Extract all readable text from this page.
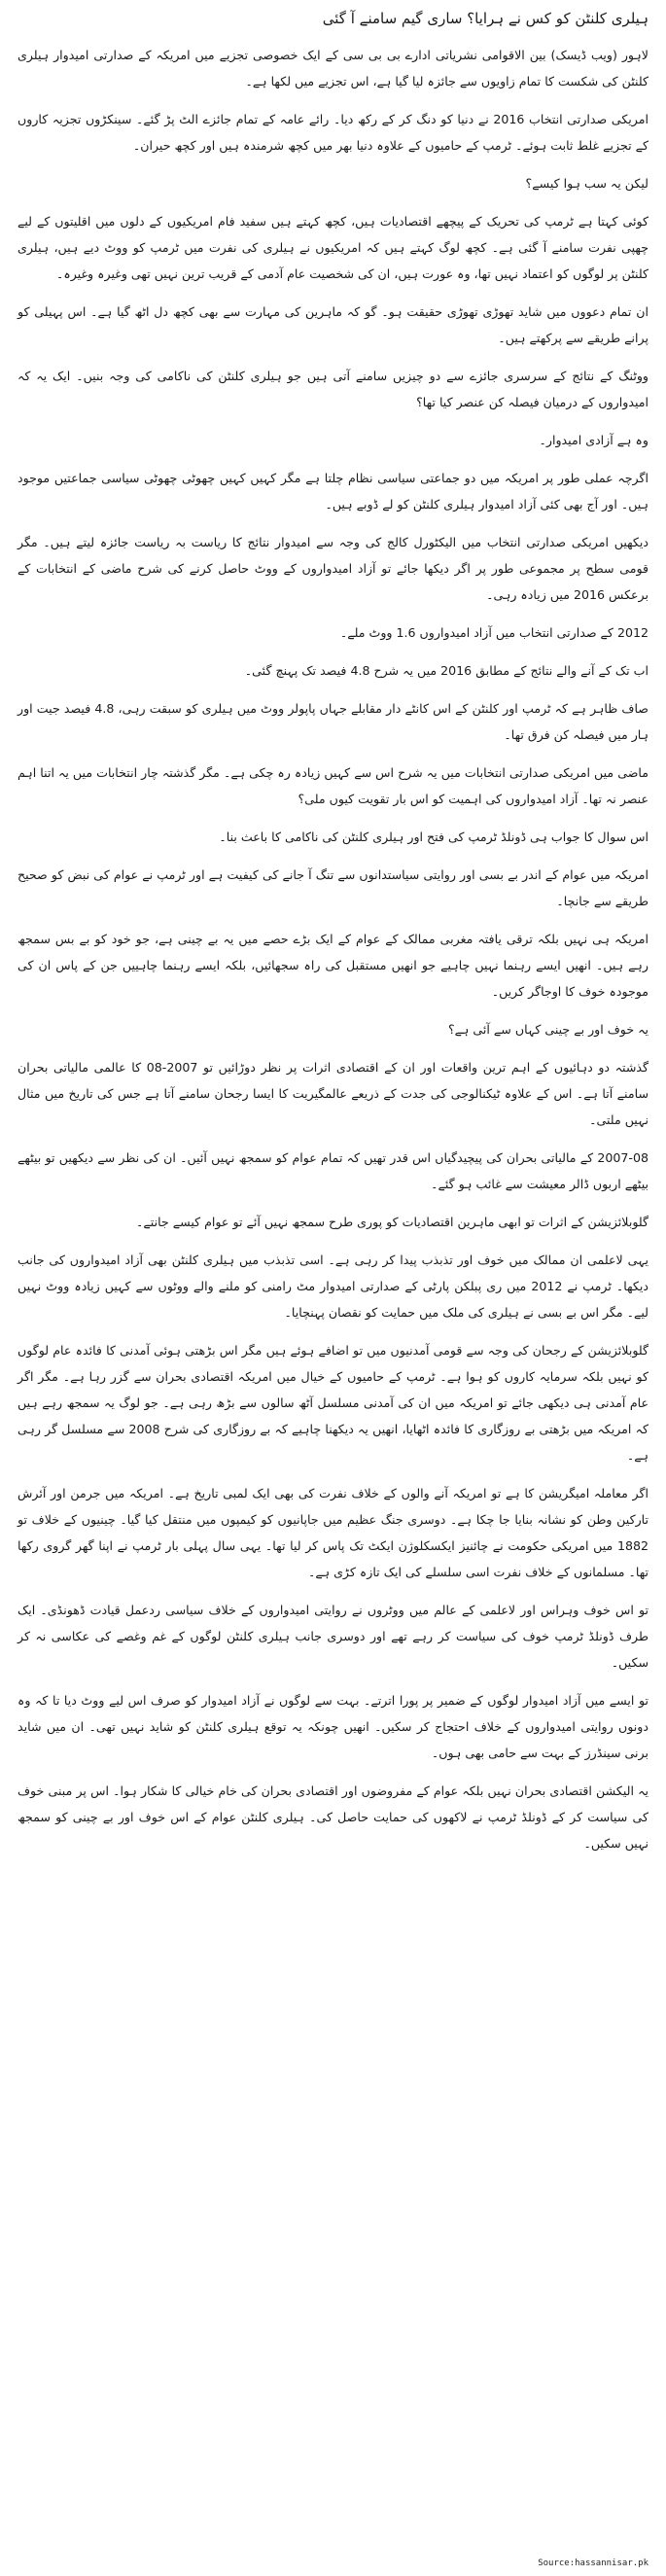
ہیلری کلنٹن کو کس نے ہرایا؟ ساری گیم سامنے آ گئی

لاہور (ویب ڈیسک) بین الاقوامی نشریاتی ادارے بی بی سی کے ایک خصوصی تجزیے میں امریکہ کے صدارتی امیدوار ہیلری کلنٹن کی شکست کا تمام زاویوں سے جائزہ لیا گیا ہے، اس تجزیے میں لکھا ہے۔

امریکی صدارتی انتخاب 2016 نے دنیا کو دنگ کر کے رکھ دیا۔ رائے عامہ کے تمام جائزے الٹ پڑ گئے۔ سینکڑوں تجزیہ کاروں کے تجزیے غلط ثابت ہوئے۔ ٹرمپ کے حامیوں کے علاوہ دنیا بھر میں کچھ شرمندہ ہیں اور کچھ حیران۔

لیکن یہ سب ہوا کیسے؟

کوئی کہتا ہے ٹرمپ کی تحریک کے پیچھے اقتصادیات ہیں، کچھ کہتے ہیں سفید فام امریکیوں کے دلوں میں اقلیتوں کے لیے چھپی نفرت سامنے آ گئی ہے۔ کچھ لوگ کہتے ہیں کہ امریکیوں نے ہیلری کی نفرت میں ٹرمپ کو ووٹ دیے ہیں، ہیلری کلنٹن پر لوگوں کو اعتماد نہیں تھا، وہ عورت ہیں، ان کی شخصیت عام آدمی کے قریب ترین نہیں تھی وغیرہ وغیرہ۔

ان تمام دعووں میں شاید تھوڑی تھوڑی حقیقت ہو۔ گو کہ ماہرین کی مہارت سے بھی کچھ دل اٹھ گیا ہے۔ اس پہیلی کو پرانے طریقے سے پرکھتے ہیں۔

ووٹنگ کے نتائج کے سرسری جائزے سے دو چیزیں سامنے آتی ہیں جو ہیلری کلنٹن کی ناکامی کی وجہ بنیں۔ ایک یہ کہ امیدواروں کے درمیان فیصلہ کن عنصر کیا تھا؟

وہ ہے آزادی امیدوار۔

اگرچہ عملی طور پر امریکہ میں دو جماعتی سیاسی نظام چلتا ہے مگر کہیں کہیں چھوٹی چھوٹی سیاسی جماعتیں موجود ہیں۔ اور آج بھی کئی آزاد امیدوار ہیلری کلنٹن کو لے ڈوبے ہیں۔

دیکھیں امریکی صدارتی انتخاب میں الیکٹورل کالج کی وجہ سے امیدوار نتائج کا ریاست بہ ریاست جائزہ لیتے ہیں۔ مگر قومی سطح پر مجموعی طور پر اگر دیکھا جائے تو آزاد امیدواروں کے ووٹ حاصل کرنے کی شرح ماضی کے انتخابات کے برعکس 2016 میں زیادہ رہی۔

2012 کے صدارتی انتخاب میں آزاد امیدواروں 1.6 ووٹ ملے۔

اب تک کے آنے والے نتائج کے مطابق 2016 میں یہ شرح 4.8 فیصد تک پہنچ گئی۔

صاف ظاہر ہے کہ ٹرمپ اور کلنٹن کے اس کانٹے دار مقابلے جہاں پاپولر ووٹ میں ہیلری کو سبقت رہی، 4.8 فیصد جیت اور ہار میں فیصلہ کن فرق تھا۔

ماضی میں امریکی صدارتی انتخابات میں یہ شرح اس سے کہیں زیادہ رہ چکی ہے۔ مگر گذشتہ چار انتخابات میں یہ اتنا اہم عنصر نہ تھا۔ آزاد امیدواروں کی اہمیت کو اس بار تقویت کیوں ملی؟

اس سوال کا جواب ہی ڈونلڈ ٹرمپ کی فتح اور ہیلری کلنٹن کی ناکامی کا باعث بنا۔

امریکہ میں عوام کے اندر بے بسی اور روایتی سیاستدانوں سے تنگ آ جانے کی کیفیت ہے اور ٹرمپ نے عوام کی نبض کو صحیح طریقے سے جانچا۔

امریکہ ہی نہیں بلکہ ترقی یافتہ مغربی ممالک کے عوام کے ایک بڑے حصے میں یہ بے چینی ہے، جو خود کو بے بس سمجھ رہے ہیں۔ انھیں ایسے رہنما نہیں چاہیے جو انھیں مستقبل کی راہ سجھائیں، بلکہ ایسے رہنما چاہییں جن کے پاس ان کی موجودہ خوف کا اوجاگر کریں۔

یہ خوف اور بے چینی کہاں سے آئی ہے؟

گذشتہ دو دہائیوں کے اہم ترین واقعات اور ان کے اقتصادی اثرات پر نظر دوڑائیں تو 2007-08 کا عالمی مالیاتی بحران سامنے آتا ہے۔ اس کے علاوہ ٹیکنالوجی کی جدت کے ذریعے عالمگیریت کا ایسا رجحان سامنے آتا ہے جس کی تاریخ میں مثال نہیں ملتی۔

2007-08 کے مالیاتی بحران کی پیچیدگیاں اس قدر تھیں کہ تمام عوام کو سمجھ نہیں آئیں۔ ان کی نظر سے دیکھیں تو بیٹھے بیٹھے اربوں ڈالر معیشت سے غائب ہو گئے۔

گلوبلائزیشن کے اثرات تو ابھی ماہرین اقتصادیات کو پوری طرح سمجھ نہیں آئے تو عوام کیسے جانتے۔

یہی لاعلمی ان ممالک میں خوف اور تذبذب پیدا کر رہی ہے۔ اسی تذبذب میں ہیلری کلنٹن بھی آزاد امیدواروں کی جانب دیکھا۔ ٹرمپ نے 2012 میں ری پبلکن پارٹی کے صدارتی امیدوار مٹ رامنی کو ملنے والے ووٹوں سے کہیں زیادہ ووٹ نہیں لیے۔ مگر اس بے بسی نے ہیلری کی ملک میں حمایت کو نقصان پہنچایا۔

گلوبلائزیشن کے رجحان کی وجہ سے قومی آمدنیوں میں تو اضافے ہوئے ہیں مگر اس بڑھتی ہوئی آمدنی کا فائدہ عام لوگوں کو نہیں بلکہ سرمایہ کاروں کو ہوا ہے۔ ٹرمپ کے حامیوں کے خیال میں امریکہ اقتصادی بحران سے گزر رہا ہے۔ مگر اگر عام آمدنی ہی دیکھی جائے تو امریکہ میں ان کی آمدنی مسلسل آٹھ سالوں سے بڑھ رہی ہے۔ جو لوگ یہ سمجھ رہے ہیں کہ امریکہ میں بڑھتی بے روزگاری کا فائدہ اٹھایا، انھیں یہ دیکھنا چاہیے کہ بے روزگاری کی شرح 2008 سے مسلسل گر رہی ہے۔

اگر معاملہ امیگریشن کا ہے تو امریکہ آنے والوں کے خلاف نفرت کی بھی ایک لمبی تاریخ ہے۔ امریکہ میں جرمن اور آئرش تارکین وطن کو نشانہ بنایا جا چکا ہے۔ دوسری جنگ عظیم میں جاپانیوں کو کیمپوں میں منتقل کیا گیا۔ چینیوں کے خلاف تو 1882 میں امریکی حکومت نے چائنیز ایکسکلوژن ایکٹ تک پاس کر لیا تھا۔ یہی سال پہلی بار ٹرمپ نے اپنا گھر گروی رکھا تھا۔ مسلمانوں کے خلاف نفرت اسی سلسلے کی ایک تازہ کڑی ہے۔

تو اس خوف وہراس اور لاعلمی کے عالم میں ووٹروں نے روایتی امیدواروں کے خلاف سیاسی ردعمل قیادت ڈھونڈی۔ ایک طرف ڈونلڈ ٹرمپ خوف کی سیاست کر رہے تھے اور دوسری جانب ہیلری کلنٹن لوگوں کے غم وغصے کی عکاسی نہ کر سکیں۔

تو ایسے میں آزاد امیدوار لوگوں کے ضمیر پر پورا اترتے۔ بہت سے لوگوں نے آزاد امیدوار کو صرف اس لیے ووٹ دیا تا کہ وہ دونوں روایتی امیدواروں کے خلاف احتجاج کر سکیں۔ انھیں چونکہ یہ توقع ہیلری کلنٹن کو شاید نہیں تھی۔ ان میں شاید برنی سینڈرز کے بہت سے حامی بھی ہوں۔

یہ الیکشن اقتصادی بحران نہیں بلکہ عوام کے مفروضوں اور اقتصادی بحران کی خام خیالی کا شکار ہوا۔ اس پر مبنی خوف کی سیاست کر کے ڈونلڈ ٹرمپ نے لاکھوں کی حمایت حاصل کی۔ ہیلری کلنٹن عوام کے اس خوف اور بے چینی کو سمجھ نہیں سکیں۔

Source:hassannisar.pk
